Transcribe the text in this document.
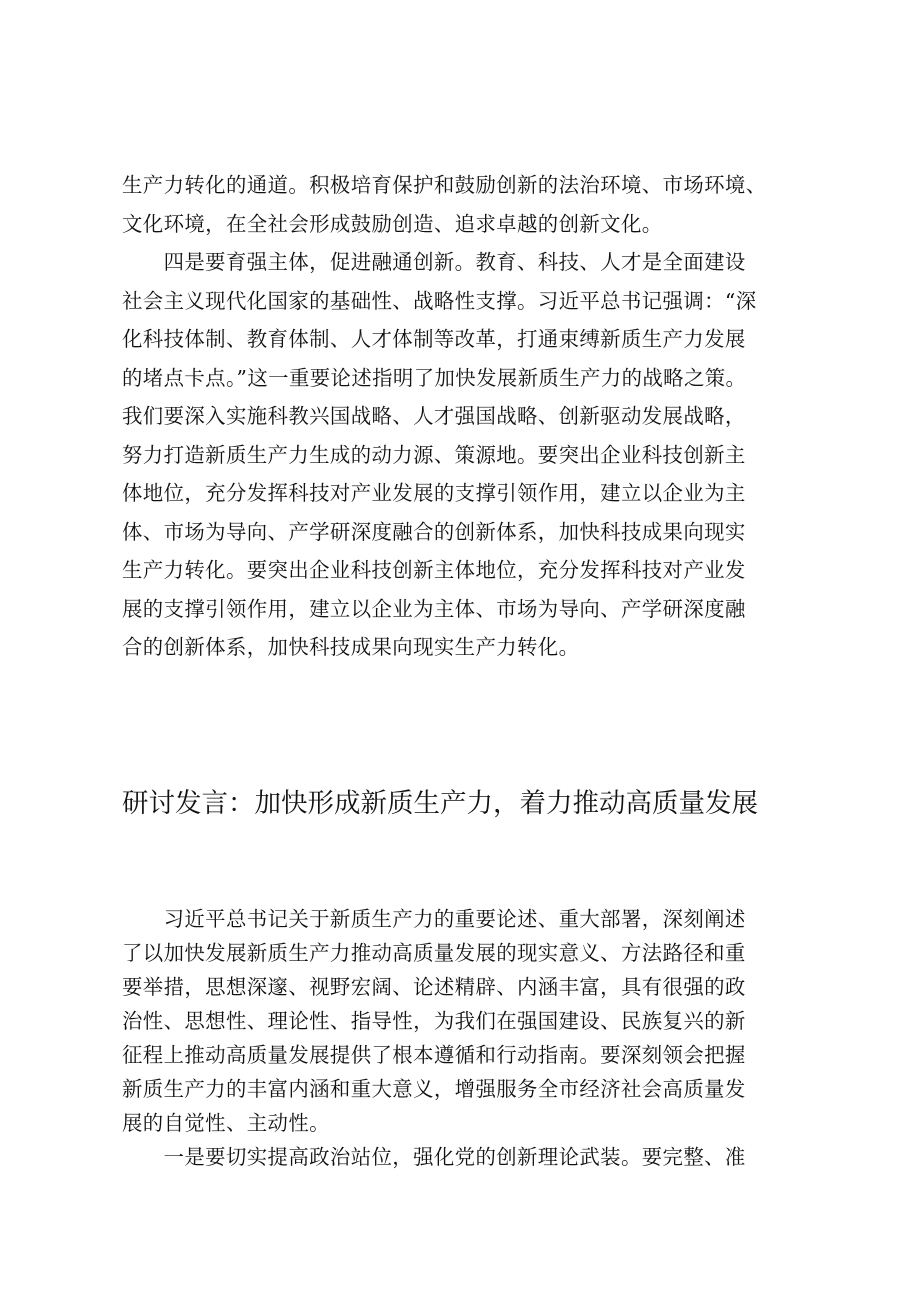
生产力转化的通道。积极培育保护和鼓励创新的法治环境、市场环境、

文化环境，在全社会形成鼓励创造、追求卓越的创新文化。

　　四是要育强主体，促进融通创新。教育、科技、人才是全面建设

社会主义现代化国家的基础性、战略性支撑。习近平总书记强调：“深

化科技体制、教育体制、人才体制等改革，打通束缚新质生产力发展

的堵点卡点。”这一重要论述指明了加快发展新质生产力的战略之策。

我们要深入实施科教兴国战略、人才强国战略、创新驱动发展战略，

努力打造新质生产力生成的动力源、策源地。要突出企业科技创新主

体地位，充分发挥科技对产业发展的支撑引领作用，建立以企业为主

体、市场为导向、产学研深度融合的创新体系，加快科技成果向现实

生产力转化。要突出企业科技创新主体地位，充分发挥科技对产业发

展的支撑引领作用，建立以企业为主体、市场为导向、产学研深度融

合的创新体系，加快科技成果向现实生产力转化。

研讨发言：加快形成新质生产力，着力推动高质量发展

　　习近平总书记关于新质生产力的重要论述、重大部署，深刻阐述

了以加快发展新质生产力推动高质量发展的现实意义、方法路径和重

要举措，思想深邃、视野宏阔、论述精辟、内涵丰富，具有很强的政

治性、思想性、理论性、指导性，为我们在强国建设、民族复兴的新

征程上推动高质量发展提供了根本遵循和行动指南。要深刻领会把握

新质生产力的丰富内涵和重大意义，增强服务全市经济社会高质量发

展的自觉性、主动性。

　　一是要切实提高政治站位，强化党的创新理论武装。要完整、准
